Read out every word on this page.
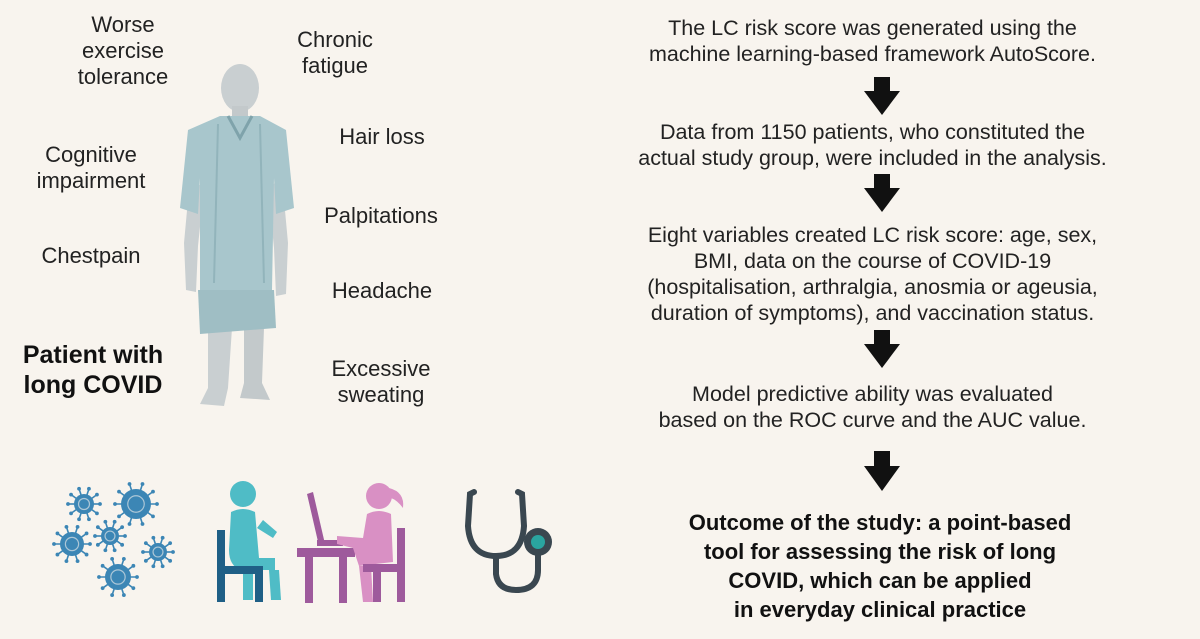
Worse
exercise
tolerance
Chronic
fatigue
Hair loss
Cognitive
impairment
Palpitations
Chestpain
Headache
Excessive
sweating
Patient with
long COVID
The LC risk score was generated using the
machine learning-based framework AutoScore.
Data from 1150 patients, who constituted the
actual study group, were included in the analysis.
Eight variables created LC risk score: age, sex,
BMI, data on the course of COVID-19
(hospitalisation, arthralgia, anosmia or ageusia,
duration of symptoms), and vaccination status.
Model predictive ability was evaluated
based on the ROC curve and the AUC value.
Outcome of the study: a point-based
tool for assessing the risk of long
COVID, which can be applied
in everyday clinical practice
